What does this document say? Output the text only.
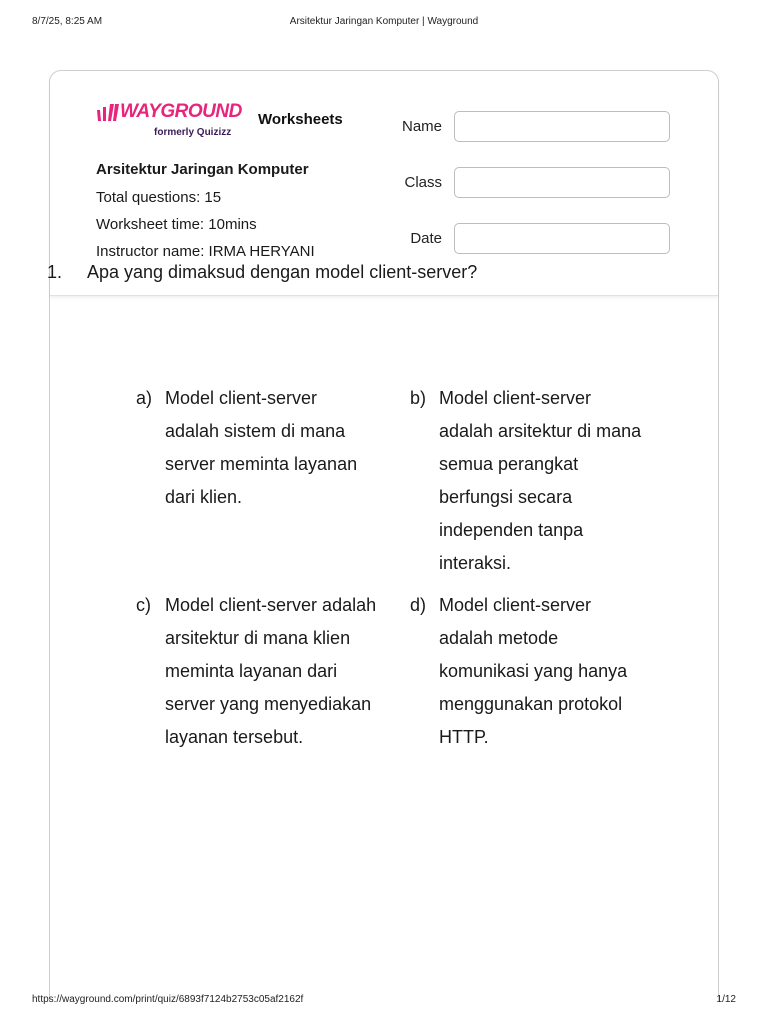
8/7/25, 8:25 AM	Arsitektur Jaringan Komputer | Wayground
WAYGROUND
formerly Quizizz
Worksheets
Arsitektur Jaringan Komputer
Total questions: 15
Worksheet time: 10mins
Instructor name: IRMA HERYANI
Name
Class
Date
1. Apa yang dimaksud dengan model client-server?
a) Model client-server
adalah sistem di mana
server meminta layanan
dari klien.
b) Model client-server
adalah arsitektur di mana
semua perangkat
berfungsi secara
independen tanpa
interaksi.
c) Model client-server adalah
arsitektur di mana klien
meminta layanan dari
server yang menyediakan
layanan tersebut.
d) Model client-server
adalah metode
komunikasi yang hanya
menggunakan protokol
HTTP.
https://wayground.com/print/quiz/6893f7124b2753c05af2162f	1/12
